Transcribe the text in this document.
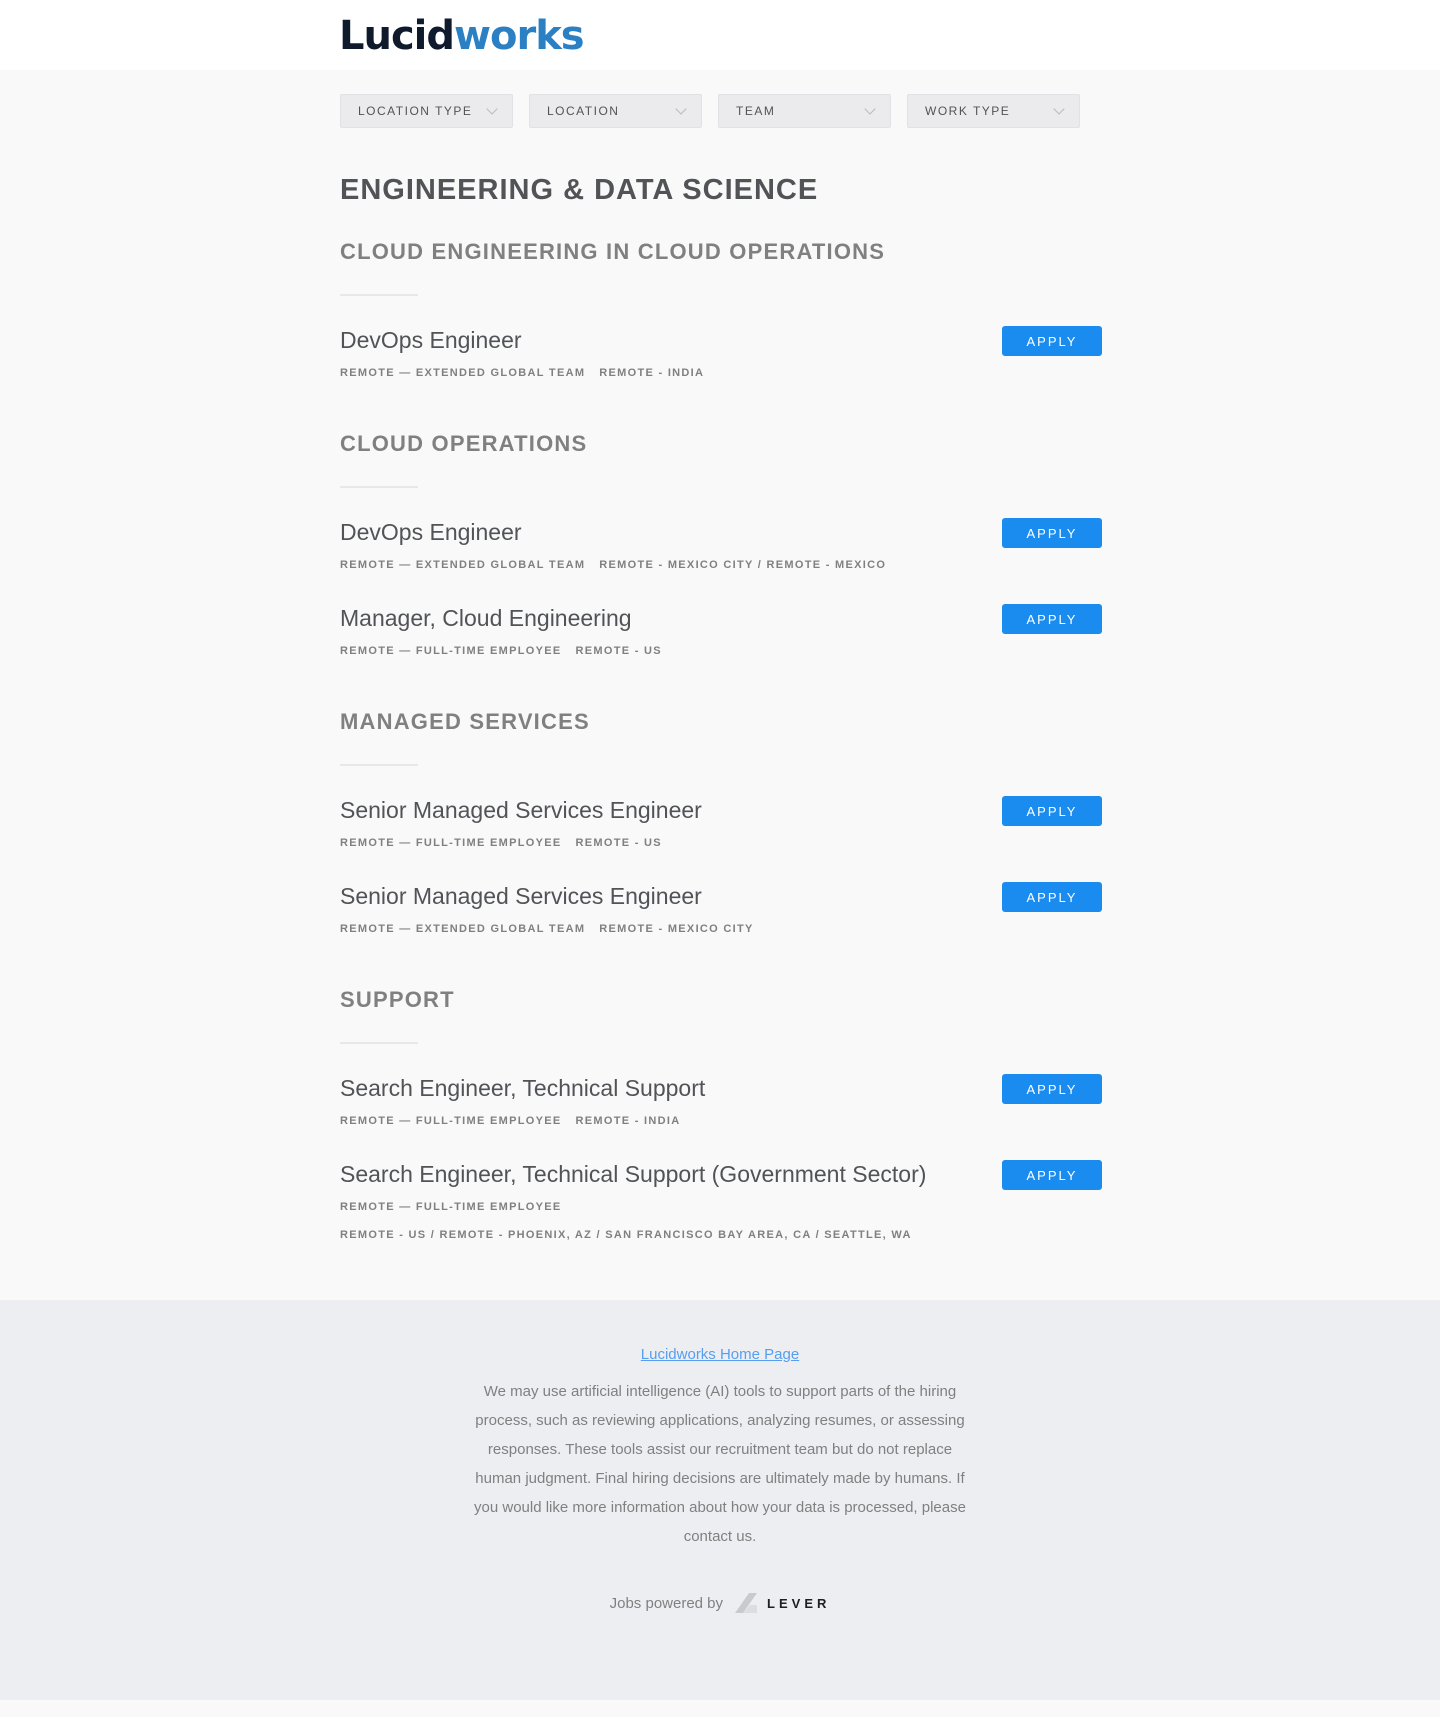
Lucidworks
LOCATION TYPE	LOCATION	TEAM	WORK TYPE
ENGINEERING & DATA SCIENCE
CLOUD ENGINEERING IN CLOUD OPERATIONS
DevOps Engineer
REMOTE — EXTENDED GLOBAL TEAM REMOTE - INDIA
APPLY
CLOUD OPERATIONS
DevOps Engineer
REMOTE — EXTENDED GLOBAL TEAM REMOTE - MEXICO CITY / REMOTE - MEXICO
APPLY
Manager, Cloud Engineering
REMOTE — FULL-TIME EMPLOYEE REMOTE - US
APPLY
MANAGED SERVICES
Senior Managed Services Engineer
REMOTE — FULL-TIME EMPLOYEE REMOTE - US
APPLY
Senior Managed Services Engineer
REMOTE — EXTENDED GLOBAL TEAM REMOTE - MEXICO CITY
APPLY
SUPPORT
Search Engineer, Technical Support
REMOTE — FULL-TIME EMPLOYEE REMOTE - INDIA
APPLY
Search Engineer, Technical Support (Government Sector)
REMOTE — FULL-TIME EMPLOYEE
REMOTE - US / REMOTE - PHOENIX, AZ / SAN FRANCISCO BAY AREA, CA / SEATTLE, WA
APPLY
Lucidworks Home Page

We may use artificial intelligence (AI) tools to support parts of the hiring process, such as reviewing applications, analyzing resumes, or assessing responses. These tools assist our recruitment team but do not replace human judgment. Final hiring decisions are ultimately made by humans. If you would like more information about how your data is processed, please contact us.

Jobs powered by	LEVER
